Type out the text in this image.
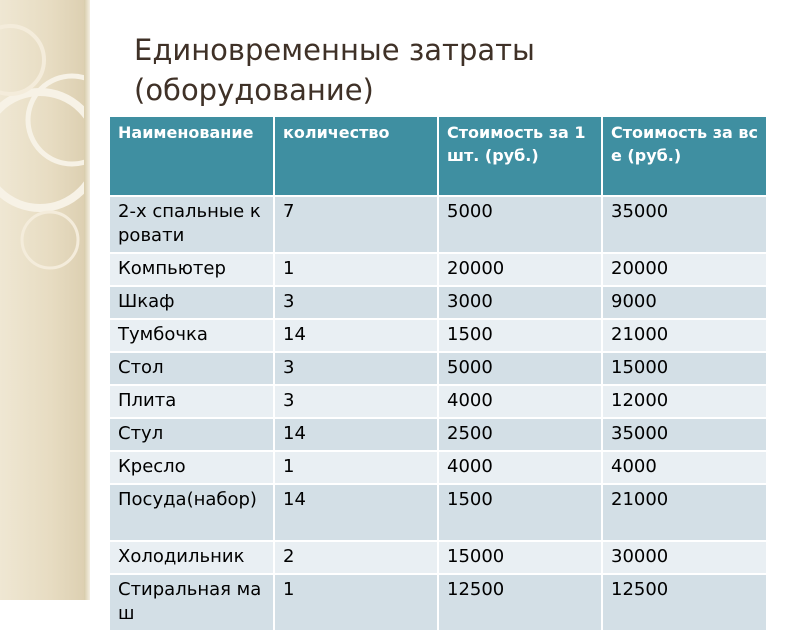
Единовременные затраты
(оборудование)
Наименование	количество	Стоимость за 1 шт. (руб.)	Стоимость за все (руб.)
2-х спальные кровати	7	5000	35000
Компьютер	1	20000	20000
Шкаф	3	3000	9000
Тумбочка	14	1500	21000
Стол	3	5000	15000
Плита	3	4000	12000
Стул	14	2500	35000
Кресло	1	4000	4000
Посуда(набор)	14	1500	21000
Холодильник	2	15000	30000
Стиральная маш	1	12500	12500
